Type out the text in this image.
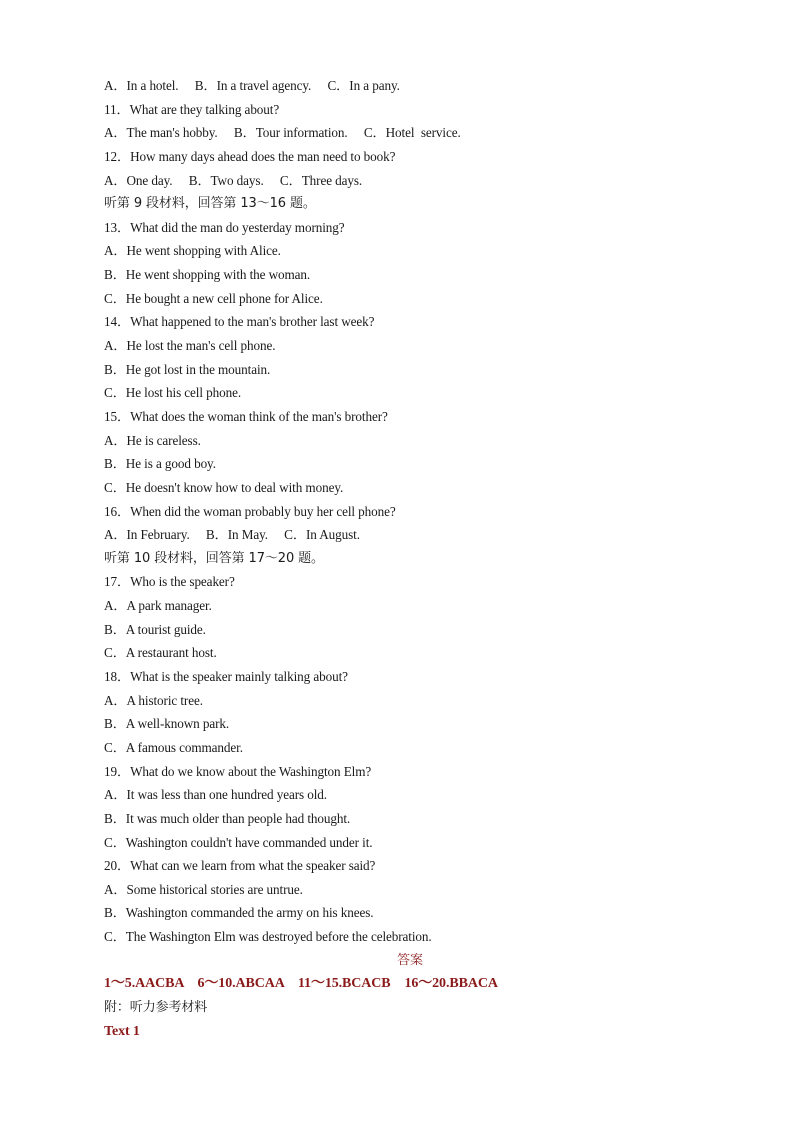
A．In a hotel.　 B．In a travel agency.　 C．In a pany.
11．What are they talking about?
A．The man's hobby.　 B．Tour information.　 C．Hotel  service.
12．How many days ahead does the man need to book?
A．One day.　 B．Two days.　 C．Three days.
听第 9 段材料，回答第 13～16 题。
13．What did the man do yesterday morning?
A．He went shopping with Alice.
B．He went shopping with the woman.
C．He bought a new cell phone for Alice.
14．What happened to the man's brother last week?
A．He lost the man's cell phone.
B．He got lost in the mountain.
C．He lost his cell phone.
15．What does the woman think of the man's brother?
A．He is careless.
B．He is a good boy.
C．He doesn't know how to deal with money.
16．When did the woman probably buy her cell phone?
A．In February.　 B．In May.　 C．In August.
听第 10 段材料，回答第 17～20 题。
17．Who is the speaker?
A．A park manager.
B．A tourist guide.
C．A restaurant host.
18．What is the speaker mainly talking about?
A．A historic tree.
B．A well-known park.
C．A famous commander.
19．What do we know about the Washington Elm?
A．It was less than one hundred years old.
B．It was much older than people had thought.
C．Washington couldn't have commanded under it.
20．What can we learn from what the speaker said?
A．Some historical stories are untrue.
B．Washington commanded the army on his knees.
C．The Washington Elm was destroyed before the celebration.
答案
1～5.AACBA　6～10.ABCAA　11～15.BCACB　16～20.BBACA
附：听力参考材料
Text 1
